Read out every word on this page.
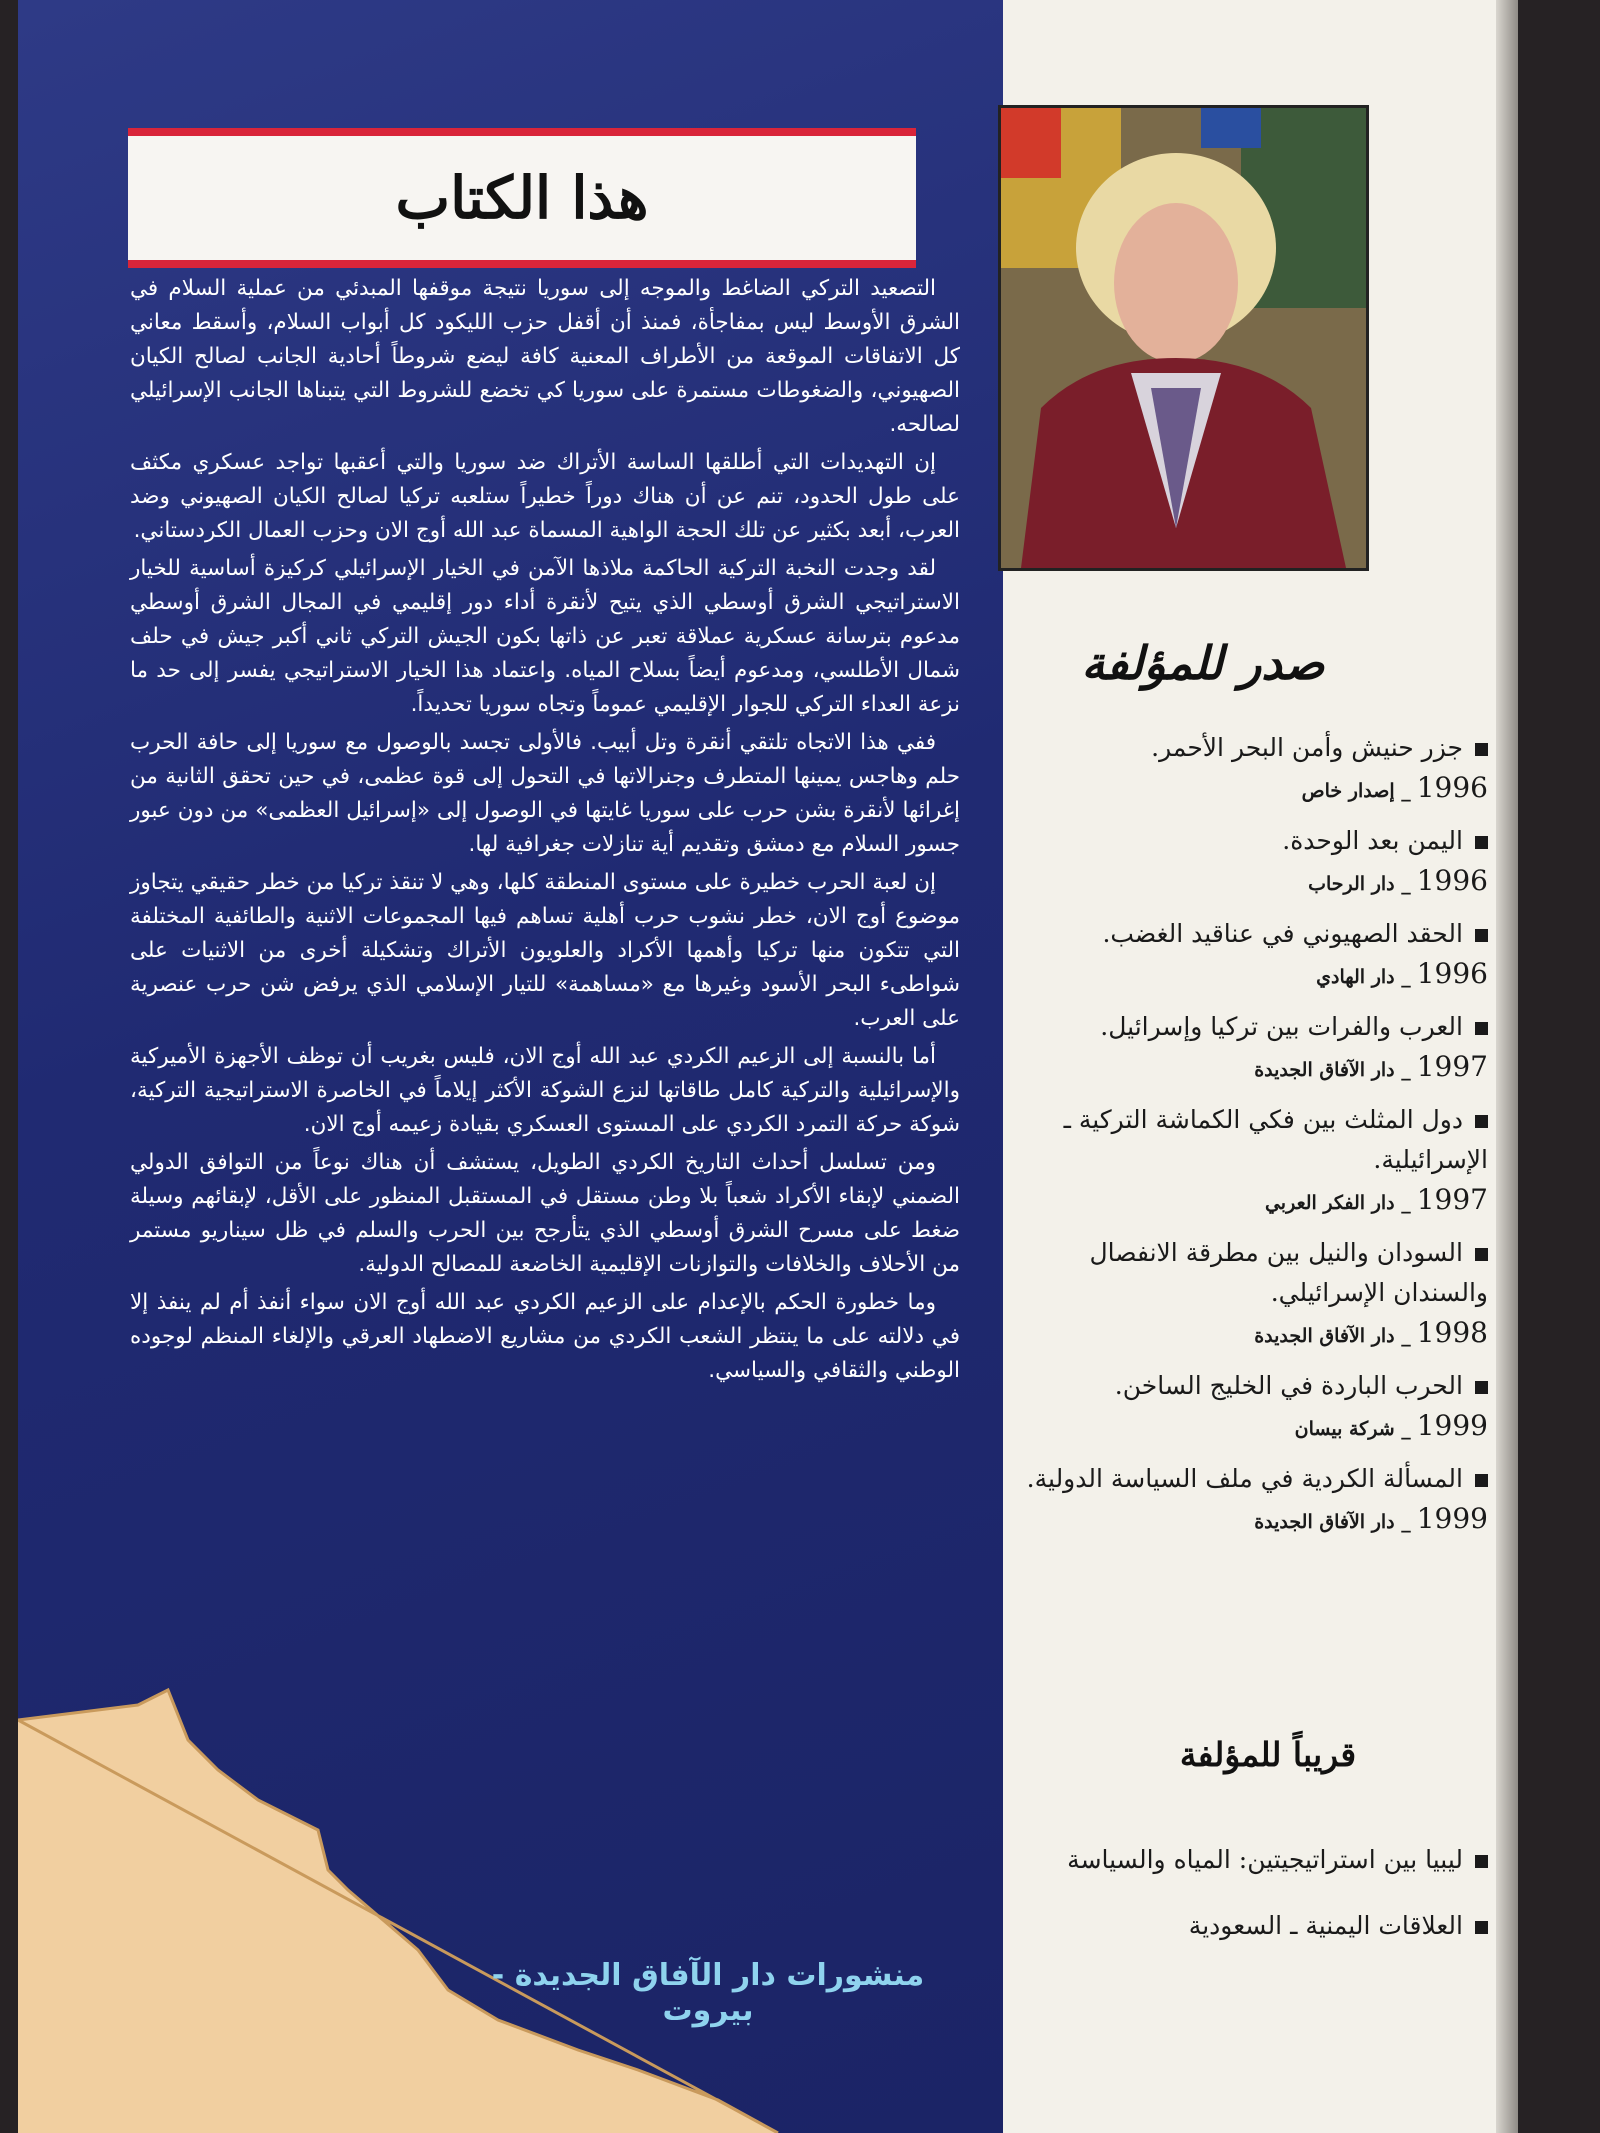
هذا الكتاب

التصعيد التركي الضاغط والموجه إلى سوريا نتيجة موقفها المبدئي من عملية السلام في الشرق الأوسط ليس بمفاجأة، فمنذ أن أقفل حزب الليكود كل أبواب السلام، وأسقط معاني كل الاتفاقات الموقعة من الأطراف المعنية كافة ليضع شروطاً أحادية الجانب لصالح الكيان الصهيوني، والضغوطات مستمرة على سوريا كي تخضع للشروط التي يتبناها الجانب الإسرائيلي لصالحه.

إن التهديدات التي أطلقها الساسة الأتراك ضد سوريا والتي أعقبها تواجد عسكري مكثف على طول الحدود، تنم عن أن هناك دوراً خطيراً ستلعبه تركيا لصالح الكيان الصهيوني وضد العرب، أبعد بكثير عن تلك الحجة الواهية المسماة عبد الله أوج الان وحزب العمال الكردستاني.

لقد وجدت النخبة التركية الحاكمة ملاذها الآمن في الخيار الإسرائيلي كركيزة أساسية للخيار الاستراتيجي الشرق أوسطي الذي يتيح لأنقرة أداء دور إقليمي في المجال الشرق أوسطي مدعوم بترسانة عسكرية عملاقة تعبر عن ذاتها بكون الجيش التركي ثاني أكبر جيش في حلف شمال الأطلسي، ومدعوم أيضاً بسلاح المياه. واعتماد هذا الخيار الاستراتيجي يفسر إلى حد ما نزعة العداء التركي للجوار الإقليمي عموماً وتجاه سوريا تحديداً.

ففي هذا الاتجاه تلتقي أنقرة وتل أبيب. فالأولى تجسد بالوصول مع سوريا إلى حافة الحرب حلم وهاجس يمينها المتطرف وجنرالاتها في التحول إلى قوة عظمى، في حين تحقق الثانية من إغرائها لأنقرة بشن حرب على سوريا غايتها في الوصول إلى «إسرائيل العظمى» من دون عبور جسور السلام مع دمشق وتقديم أية تنازلات جغرافية لها.

إن لعبة الحرب خطيرة على مستوى المنطقة كلها، وهي لا تنقذ تركيا من خطر حقيقي يتجاوز موضوع أوج الان، خطر نشوب حرب أهلية تساهم فيها المجموعات الاثنية والطائفية المختلفة التي تتكون منها تركيا وأهمها الأكراد والعلويون الأتراك وتشكيلة أخرى من الاثنيات على شواطىء البحر الأسود وغيرها مع «مساهمة» للتيار الإسلامي الذي يرفض شن حرب عنصرية على العرب.

أما بالنسبة إلى الزعيم الكردي عبد الله أوج الان، فليس بغريب أن توظف الأجهزة الأميركية والإسرائيلية والتركية كامل طاقاتها لنزع الشوكة الأكثر إيلاماً في الخاصرة الاستراتيجية التركية، شوكة حركة التمرد الكردي على المستوى العسكري بقيادة زعيمه أوج الان.

ومن تسلسل أحداث التاريخ الكردي الطويل، يستشف أن هناك نوعاً من التوافق الدولي الضمني لإبقاء الأكراد شعباً بلا وطن مستقل في المستقبل المنظور على الأقل، لإبقائهم وسيلة ضغط على مسرح الشرق أوسطي الذي يتأرجح بين الحرب والسلم في ظل سيناريو مستمر من الأحلاف والخلافات والتوازنات الإقليمية الخاضعة للمصالح الدولية.

وما خطورة الحكم بالإعدام على الزعيم الكردي عبد الله أوج الان سواء أنفذ أم لم ينفذ إلا في دلالته على ما ينتظر الشعب الكردي من مشاريع الاضطهاد العرقي والإلغاء المنظم لوجوده الوطني والثقافي والسياسي.

منشورات دار الآفاق الجديدة - بيروت
صدر للمؤلفة
جزر حنيش وأمن البحر الأحمر.
1996_ إصدار خاص
اليمن بعد الوحدة.
1996_ دار الرحاب
الحقد الصهيوني في عناقيد الغضب.
1996_ دار الهادي
العرب والفرات بين تركيا وإسرائيل.
1997_ دار الآفاق الجديدة
دول المثلث بين فكي الكماشة التركية ـ الإسرائيلية.
1997_ دار الفكر العربي
السودان والنيل بين مطرقة الانفصال والسندان الإسرائيلي.
1998_ دار الآفاق الجديدة
الحرب الباردة في الخليج الساخن.
1999_ شركة بيسان
المسألة الكردية في ملف السياسة الدولية.
1999_ دار الآفاق الجديدة
قريباً للمؤلفة
ليبيا بين استراتيجيتين: المياه والسياسة
العلاقات اليمنية ـ السعودية
